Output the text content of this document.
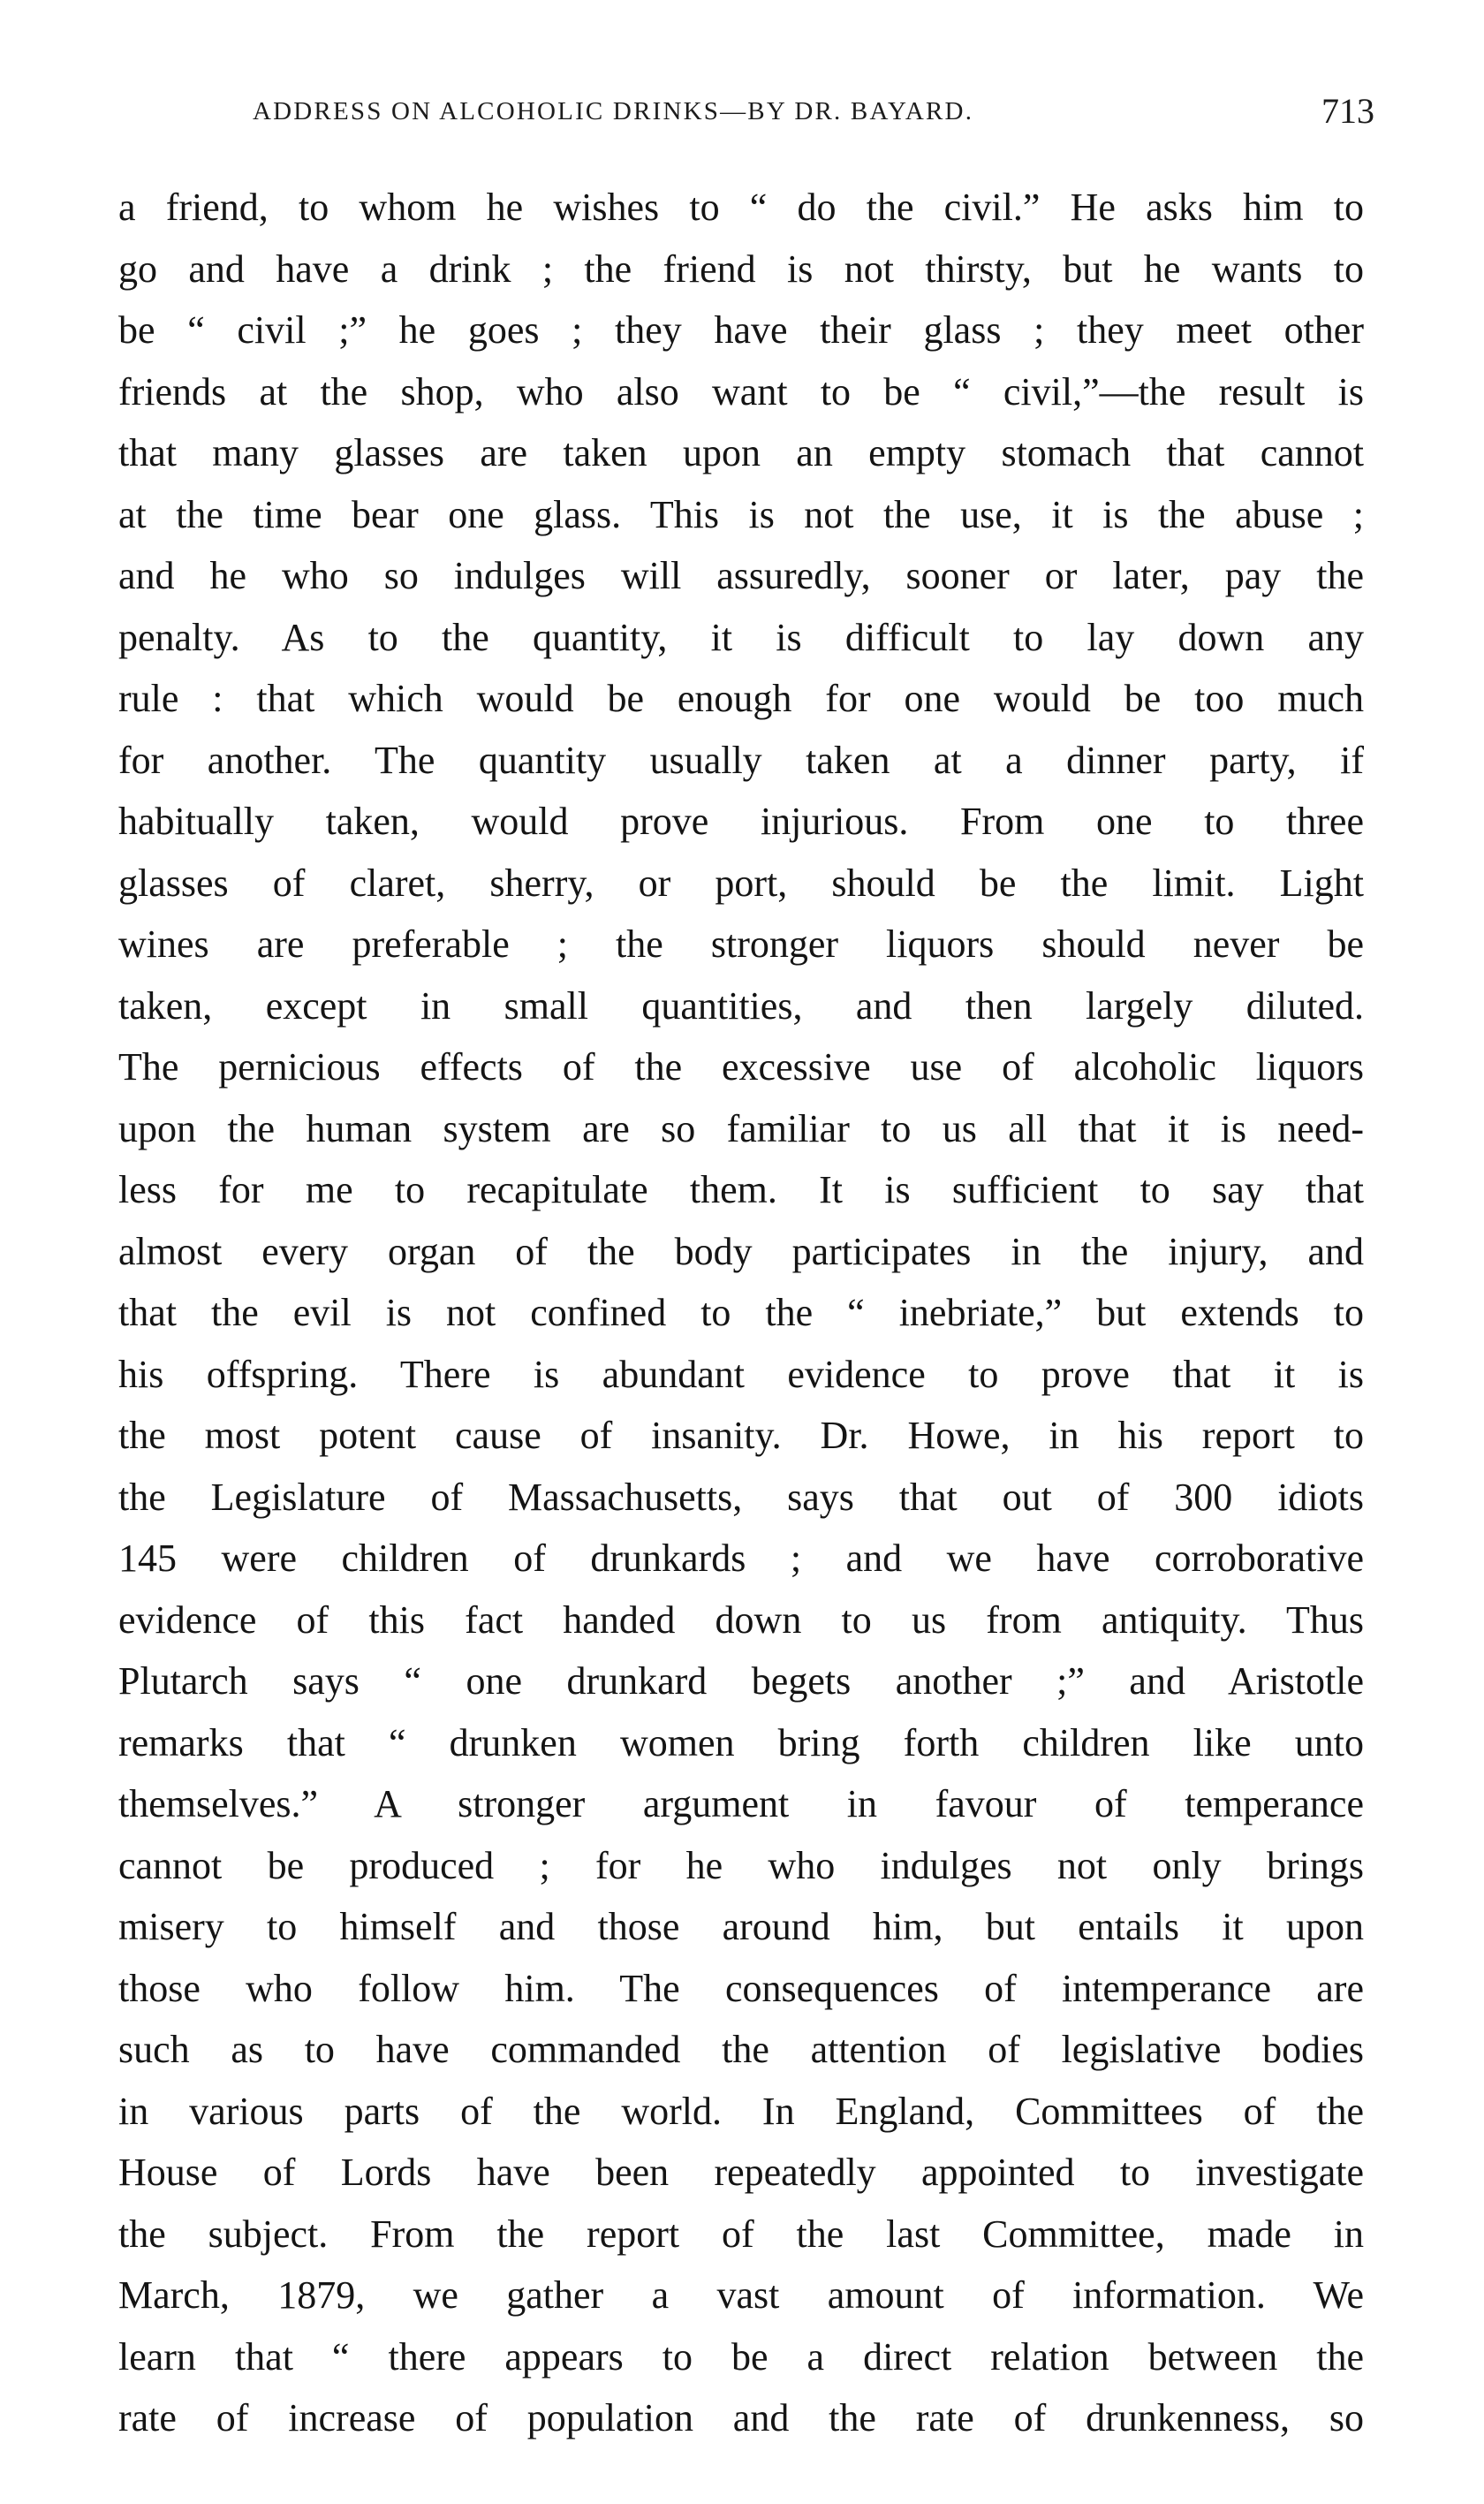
ADDRESS ON ALCOHOLIC DRINKS—BY DR. BAYARD.	713
a friend, to whom he wishes to “ do the civil.” He asks him to
go and have a drink ; the friend is not thirsty, but he wants to
be “ civil ;” he goes ; they have their glass ; they meet other
friends at the shop, who also want to be “ civil,”—the result is
that many glasses are taken upon an empty stomach that cannot
at the time bear one glass. This is not the use, it is the abuse ;
and he who so indulges will assuredly, sooner or later, pay the
penalty. As to the quantity, it is difficult to lay down any
rule : that which would be enough for one would be too much
for another. The quantity usually taken at a dinner party, if
habitually taken, would prove injurious. From one to three
glasses of claret, sherry, or port, should be the limit. Light
wines are preferable ; the stronger liquors should never be
taken, except in small quantities, and then largely diluted.
The pernicious effects of the excessive use of alcoholic liquors
upon the human system are so familiar to us all that it is need-
less for me to recapitulate them. It is sufficient to say that
almost every organ of the body participates in the injury, and
that the evil is not confined to the “ inebriate,” but extends to
his offspring. There is abundant evidence to prove that it is
the most potent cause of insanity. Dr. Howe, in his report to
the Legislature of Massachusetts, says that out of 300 idiots
145 were children of drunkards ; and we have corroborative
evidence of this fact handed down to us from antiquity. Thus
Plutarch says “ one drunkard begets another ;” and Aristotle
remarks that “ drunken women bring forth children like unto
themselves.” A stronger argument in favour of temperance
cannot be produced ; for he who indulges not only brings
misery to himself and those around him, but entails it upon
those who follow him. The consequences of intemperance are
such as to have commanded the attention of legislative bodies
in various parts of the world. In England, Committees of the
House of Lords have been repeatedly appointed to investigate
the subject. From the report of the last Committee, made in
March, 1879, we gather a vast amount of information. We
learn that “ there appears to be a direct relation between the
rate of increase of population and the rate of drunkenness, so
